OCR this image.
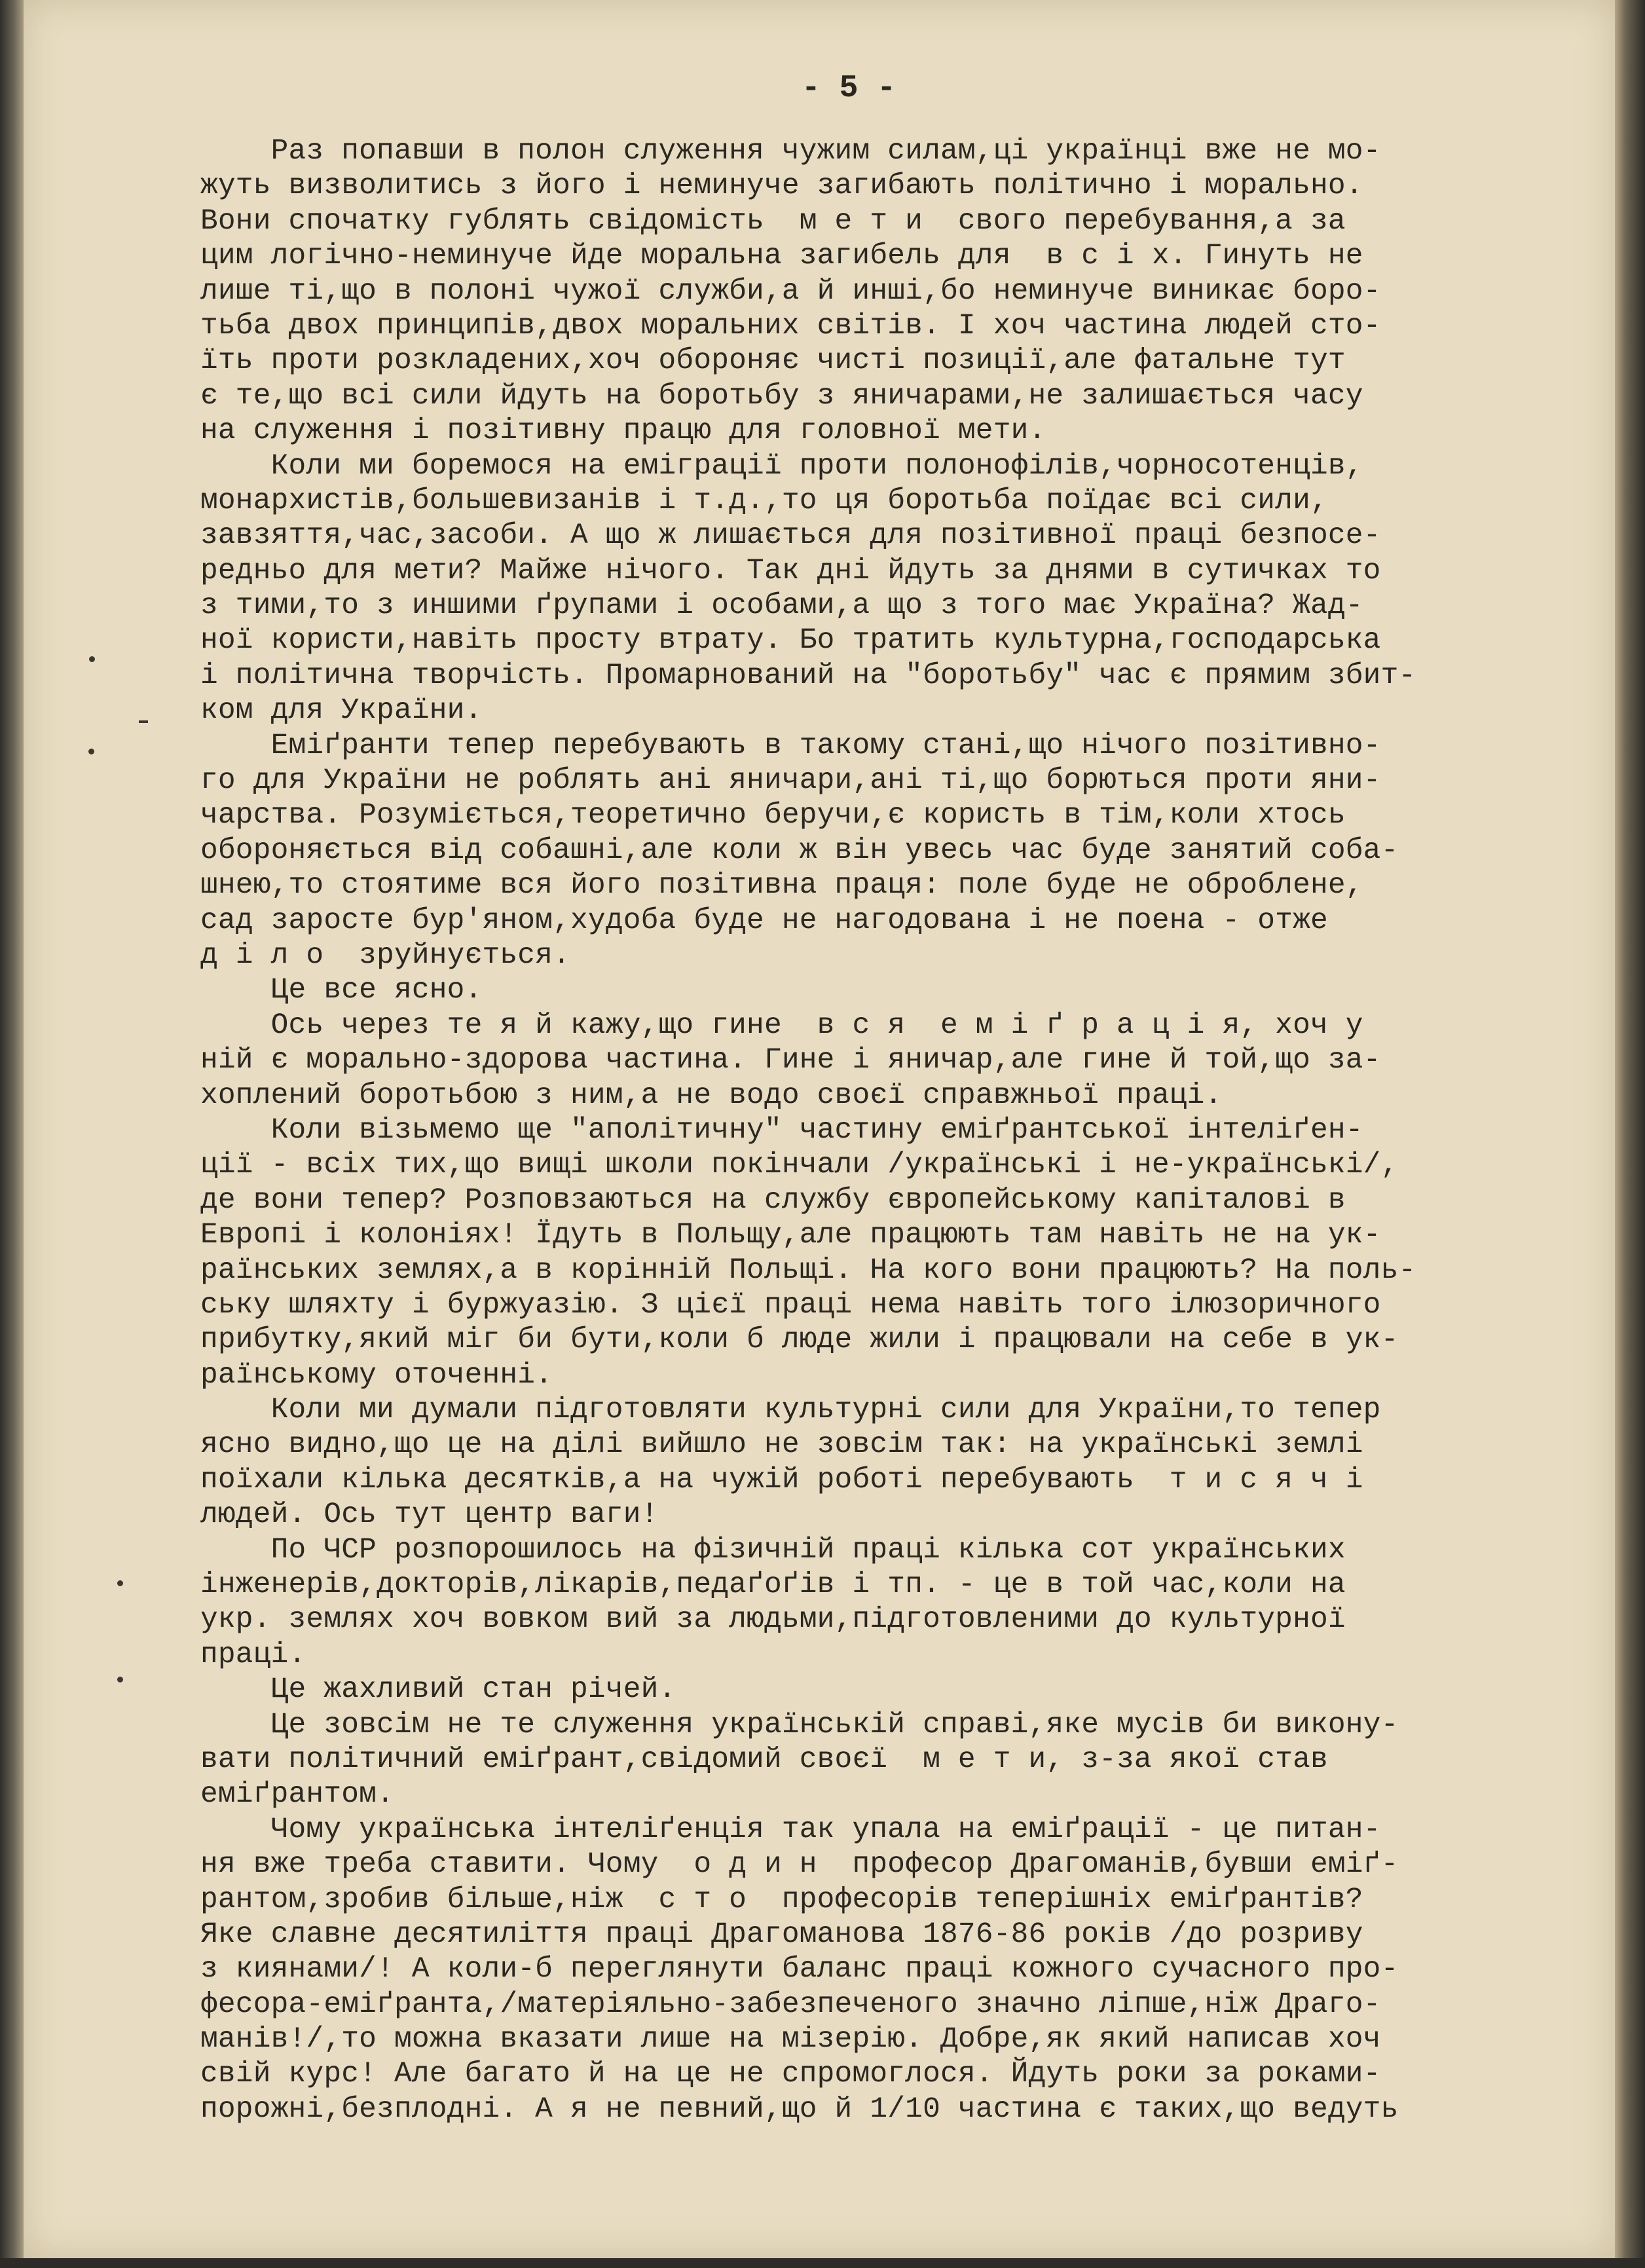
- 5 -
Раз попавши в полон служення чужим силам,ці українці вже не мо-
жуть визволитись з його і неминуче загибають політично і морально.
Вони спочатку гублять свідомість  м е т и  свого перебування,а за
цим логічно-неминуче йде моральна загибель для  в с і х. Гинуть не
лише ті,що в полоні чужої служби,а й инші,бо неминуче виникає боро-
тьба двох принципів,двох моральних світів. І хоч частина людей сто-
їть проти розкладених,хоч обороняє чисті позиції,але фатальне тут
є те,що всі сили йдуть на боротьбу з яничарами,не залишається часу
на служення і позітивну працю для головної мети.
Коли ми боремося на еміграції проти полонофілів,чорносотенців,
монархистів,большевизанів і т.д.,то ця боротьба поїдає всі сили,
завзяття,час,засоби. А що ж лишається для позітивної праці безпосе-
редньо для мети? Майже нічого. Так дні йдуть за днями в сутичках то
з тими,то з иншими ґрупами і особами,а що з того має Україна? Жад-
ної користи,навіть просту втрату. Бо тратить культурна,господарська
і політична творчість. Промарнований на "боротьбу" час є прямим збит-
ком для України.
Еміґранти тепер перебувають в такому стані,що нічого позітивно-
го для України не роблять ані яничари,ані ті,що борються проти яни-
чарства. Розуміється,теоретично беручи,є користь в тім,коли хтось
обороняється від собашні,але коли ж він увесь час буде занятий соба-
шнею,то стоятиме вся його позітивна праця: поле буде не оброблене,
сад заросте бур'яном,худоба буде не нагодована і не поена - отже
д і л о  зруйнується.
Це все ясно.
Ось через те я й кажу,що гине  в с я  е м і ґ р а ц і я, хоч у
ній є морально-здорова частина. Гине і яничар,але гине й той,що за-
хоплений боротьбою з ним,а не водо своєї справжньої праці.
Коли візьмемо ще "аполітичну" частину еміґрантської інтеліґен-
ції - всіх тих,що вищі школи покінчали /українські і не-українські/,
де вони тепер? Розповзаються на службу європейському капіталові в
Европі і колоніях! Їдуть в Польщу,але працюють там навіть не на ук-
раїнських землях,а в корінній Польщі. На кого вони працюють? На поль-
ську шляхту і буржуазію. З цієї праці нема навіть того ілюзоричного
прибутку,який міг би бути,коли б люде жили і працювали на себе в ук-
раїнському оточенні.
Коли ми думали підготовляти культурні сили для України,то тепер
ясно видно,що це на ділі вийшло не зовсім так: на українські землі
поїхали кілька десятків,а на чужій роботі перебувають  т и с я ч і
людей. Ось тут центр ваги!
По ЧСР розпорошилось на фізичній праці кілька сот українських
інженерів,докторів,лікарів,педаґоґів і тп. - це в той час,коли на
укр. землях хоч вовком вий за людьми,підготовленими до культурної
праці.
Це жахливий стан річей.
Це зовсім не те служення українській справі,яке мусів би викону-
вати політичний еміґрант,свідомий своєї  м е т и, з-за якої став
еміґрантом.
Чому українська інтеліґенція так упала на еміґрації - це питан-
ня вже треба ставити. Чому  о д и н  професор Драгоманів,бувши еміґ-
рантом,зробив більше,ніж  с т о  професорів теперішніх еміґрантів?
Яке славне десятиліття праці Драгоманова 1876-86 років /до розриву
з киянами/! А коли-б переглянути баланс праці кожного сучасного про-
фесора-еміґранта,/матеріяльно-забезпеченого значно ліпше,ніж Драго-
манів!/,то можна вказати лише на мізерію. Добре,як який написав хоч
свій курс! Але багато й на це не спромоглося. Йдуть роки за роками-
порожні,безплодні. А я не певний,що й 1/10 частина є таких,що ведуть
